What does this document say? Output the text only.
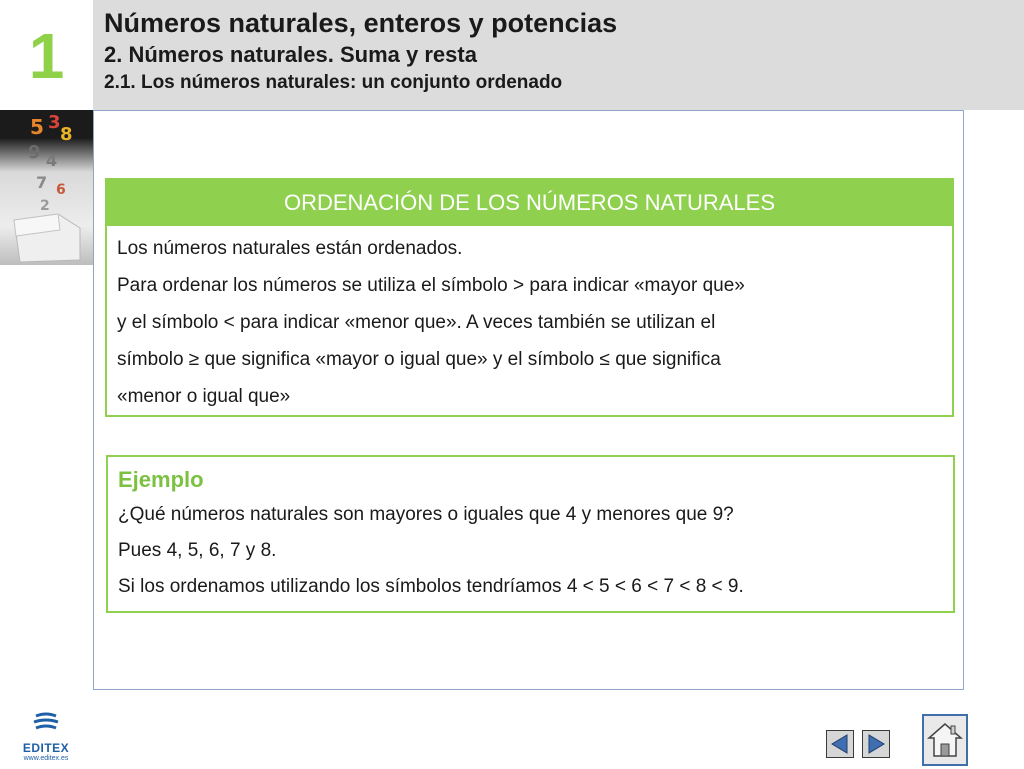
1	Números naturales, enteros y potencias
2. Números naturales. Suma y resta
2.1. Los números naturales: un conjunto ordenado
5 3
8
9 4
7 6
2	ORDENACIÓN DE LOS NÚMEROS NATURALES

Los números naturales están ordenados.

Para ordenar los números se utiliza el símbolo > para indicar «mayor que»

y el símbolo < para indicar «menor que». A veces también se utilizan el

símbolo ≥ que significa «mayor o igual que» y el símbolo ≤ que significa

«menor o igual que»

Ejemplo

¿Qué números naturales son mayores o iguales que 4 y menores que 9?

Pues 4, 5, 6, 7 y 8.

Si los ordenamos utilizando los símbolos tendríamos 4 < 5 < 6 < 7 < 8 < 9.

EDITEX
www.editex.es
